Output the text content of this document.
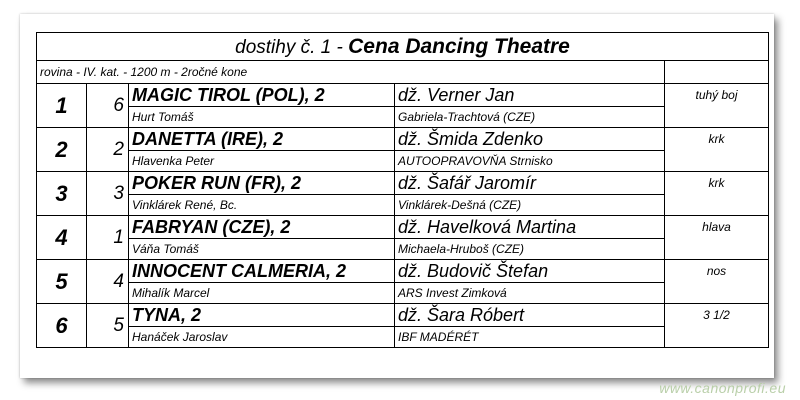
dostihy č. 1 - Cena Dancing Theatre				
rovina - IV. kat. - 1200 m - 2ročné kone				
1	6	MAGIC TIROL (POL), 2	dž. Verner Jan	tuhý boj
		Hurt Tomáš	Gabriela-Trachtová (CZE)	
2	2	DANETTA (IRE), 2	dž. Šmida Zdenko	krk
		Hlavenka Peter	AUTOOPRAVOVŇA Strnisko	
3	3	POKER RUN (FR), 2	dž. Šafář Jaromír	krk
		Vinklárek René, Bc.	Vinklárek-Dešná (CZE)	
4	1	FABRYAN (CZE), 2	dž. Havelková Martina	hlava
		Váňa Tomáš	Michaela-Hruboš (CZE)	
5	4	INNOCENT CALMERIA, 2	dž. Budovič Štefan	nos
		Mihalík Marcel	ARS Invest Zimková	
6	5	TYNA, 2	dž. Šara Róbert	3 1/2
		Hanáček Jaroslav	IBF MADÉRÉT	
www.canonprofi.eu
